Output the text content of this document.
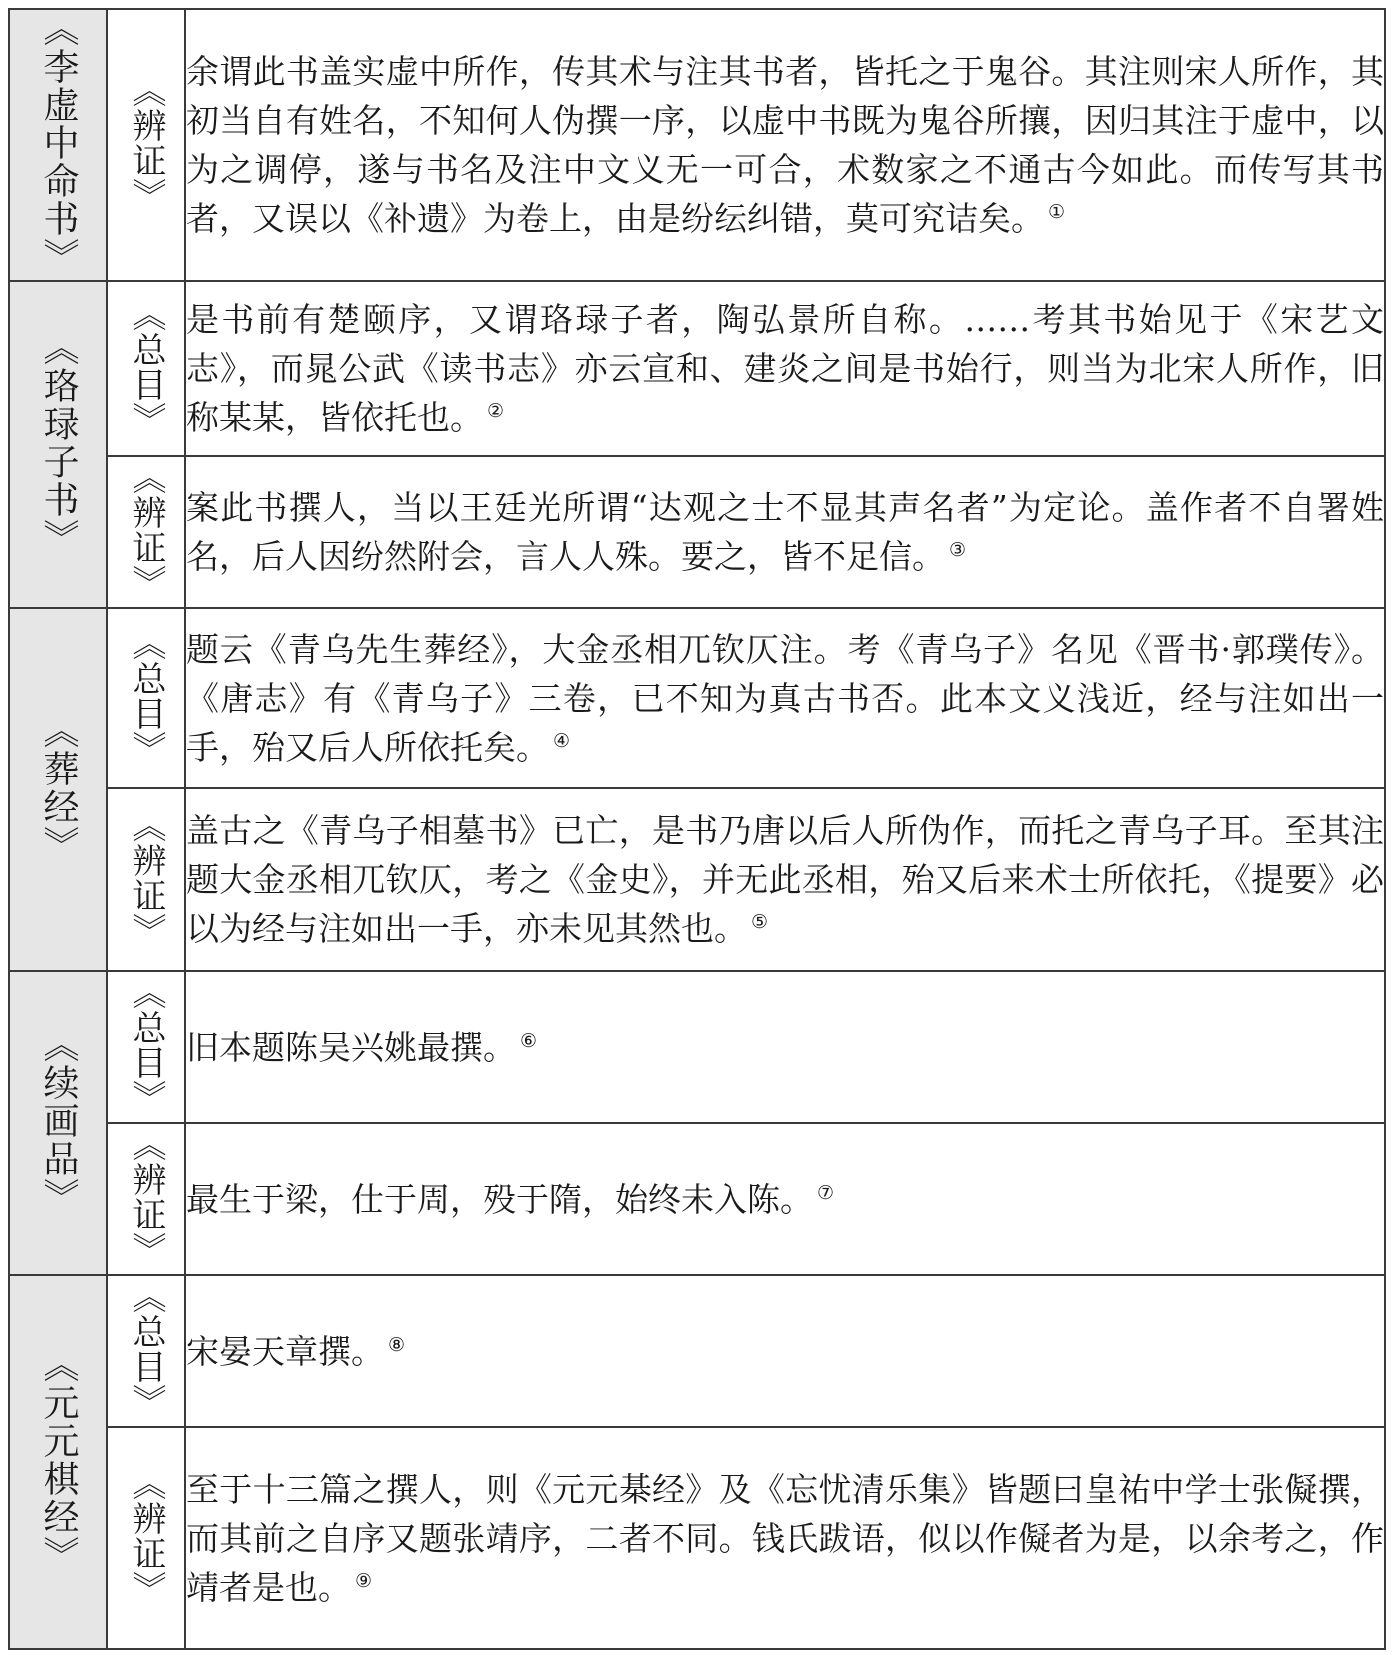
《李虚中命书》	《辨证》	余谓此书盖实虚中所作，传其术与注其书者，皆托之于鬼谷。其注则宋人所作，其初当自有姓名，不知何人伪撰一序，以虚中书既为鬼谷所攘，因归其注于虚中，以为之调停，遂与书名及注中文义无一可合，术数家之不通古今如此。而传写其书者，又误以《补遗》为卷上，由是纷纭纠错，莫可究诘矣。 ①
《珞琭子书》	《总目》	是书前有楚颐序，又谓珞琭子者，陶弘景所自称。……考其书始见于《宋艺文志》，而晁公武《读书志》亦云宣和、建炎之间是书始行，则当为北宋人所作，旧称某某，皆依托也。 ②
	《辨证》	案此书撰人，当以王廷光所谓“达观之士不显其声名者”为定论。盖作者不自署姓名，后人因纷然附会，言人人殊。要之，皆不足信。 ③
《葬经》	《总目》	题云《青乌先生葬经》，大金丞相兀钦仄注。考《青乌子》名见《晋书·郭璞传》。《唐志》有《青乌子》三卷，已不知为真古书否。此本文义浅近，经与注如出一手，殆又后人所依托矣。 ④
	《辨证》	盖古之《青乌子相墓书》已亡，是书乃唐以后人所伪作，而托之青乌子耳。至其注题大金丞相兀钦仄，考之《金史》，并无此丞相，殆又后来术士所依托，《提要》必以为经与注如出一手，亦未见其然也。 ⑤
《续画品》	《总目》	旧本题陈吴兴姚最撰。 ⑥
	《辨证》	最生于梁，仕于周，殁于隋，始终未入陈。 ⑦
《元元棋经》	《总目》	宋晏天章撰。 ⑧
	《辨证》	至于十三篇之撰人，则《元元棊经》及《忘忧清乐集》皆题曰皇祐中学士张儗撰，而其前之自序又题张靖序，二者不同。钱氏跋语，似以作儗者为是，以余考之，作靖者是也。 ⑨
